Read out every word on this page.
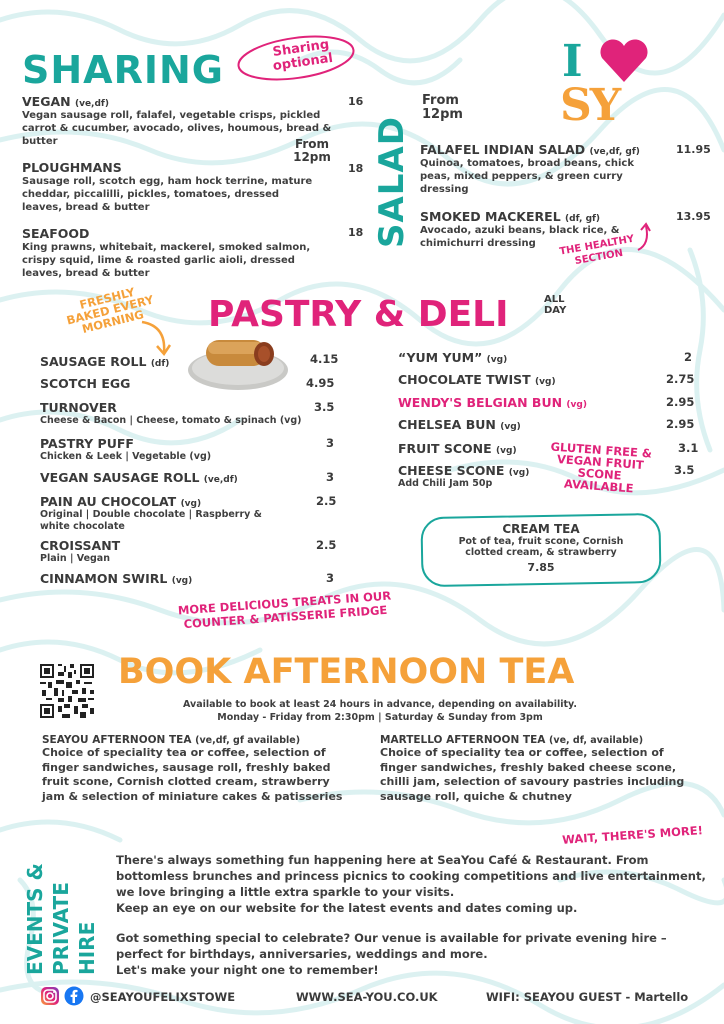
SHARING	Sharing optional
VEGAN (ve,df)
Vegan sausage roll, falafel, vegetable crisps, pickled carrot & cucumber, avocado, olives, houmous, bread & butter
16
From 12pm
PLOUGHMANS
Sausage roll, scotch egg, ham hock terrine, mature cheddar, piccalilli, pickles, tomatoes, dressed leaves, bread & butter
18
SEAFOOD
King prawns, whitebait, mackerel, smoked salmon, crispy squid, lime & roasted garlic aioli, dressed leaves, bread & butter
18
I
SY
SALAD
From 12pm
FALAFEL INDIAN SALAD (ve,df, gf)
Quinoa, tomatoes, broad beans, chick peas, mixed peppers, & green curry dressing
11.95
SMOKED MACKEREL (df, gf)
Avocado, azuki beans, black rice, & chimichurri dressing
13.95
THE HEALTHY SECTION
PASTRY & DELI	ALL DAY
FRESHLY BAKED EVERY MORNING
SAUSAGE ROLL (df)	4.15
SCOTCH EGG	4.95
TURNOVER
Cheese & Bacon | Cheese, tomato & spinach (vg)
3.5
PASTRY PUFF
Chicken & Leek | Vegetable (vg)
3
VEGAN SAUSAGE ROLL (ve,df)	3
PAIN AU CHOCOLAT (vg)
Original | Double chocolate | Raspberry & white chocolate
2.5
CROISSANT
Plain | Vegan
2.5
CINNAMON SWIRL (vg)	3
“YUM YUM” (vg)	2
CHOCOLATE TWIST (vg)	2.75
WENDY'S BELGIAN BUN (vg)	2.95
CHELSEA BUN (vg)	2.95
FRUIT SCONE (vg)	3.1
CHEESE SCONE (vg)
Add Chili Jam 50p
3.5
GLUTEN FREE & VEGAN FRUIT SCONE AVAILABLE
CREAM TEA
Pot of tea, fruit scone, Cornish clotted cream, & strawberry
7.85
MORE DELICIOUS TREATS IN OUR COUNTER & PATISSERIE FRIDGE
BOOK AFTERNOON TEA
Available to book at least 24 hours in advance, depending on availability.
Monday - Friday from 2:30pm | Saturday & Sunday from 3pm
SEAYOU AFTERNOON TEA (ve,df, gf available)
Choice of speciality tea or coffee, selection of finger sandwiches, sausage roll, freshly baked fruit scone, Cornish clotted cream, strawberry jam & selection of miniature cakes & patisseries
MARTELLO AFTERNOON TEA (ve, df, available)
Choice of speciality tea or coffee, selection of finger sandwiches, freshly baked cheese scone, chilli jam, selection of savoury pastries including sausage roll, quiche & chutney
WAIT, THERE'S MORE!
EVENTS & PRIVATE HIRE
There's always something fun happening here at SeaYou Café & Restaurant. From bottomless brunches and princess picnics to cooking competitions and live entertainment, we love bringing a little extra sparkle to your visits.
Keep an eye on our website for the latest events and dates coming up.
Got something special to celebrate? Our venue is available for private evening hire – perfect for birthdays, anniversaries, weddings and more.
Let's make your night one to remember!
@SEAYOUFELIXSTOWE	WWW.SEA-YOU.CO.UK	WIFI: SEAYOU GUEST - Martello
